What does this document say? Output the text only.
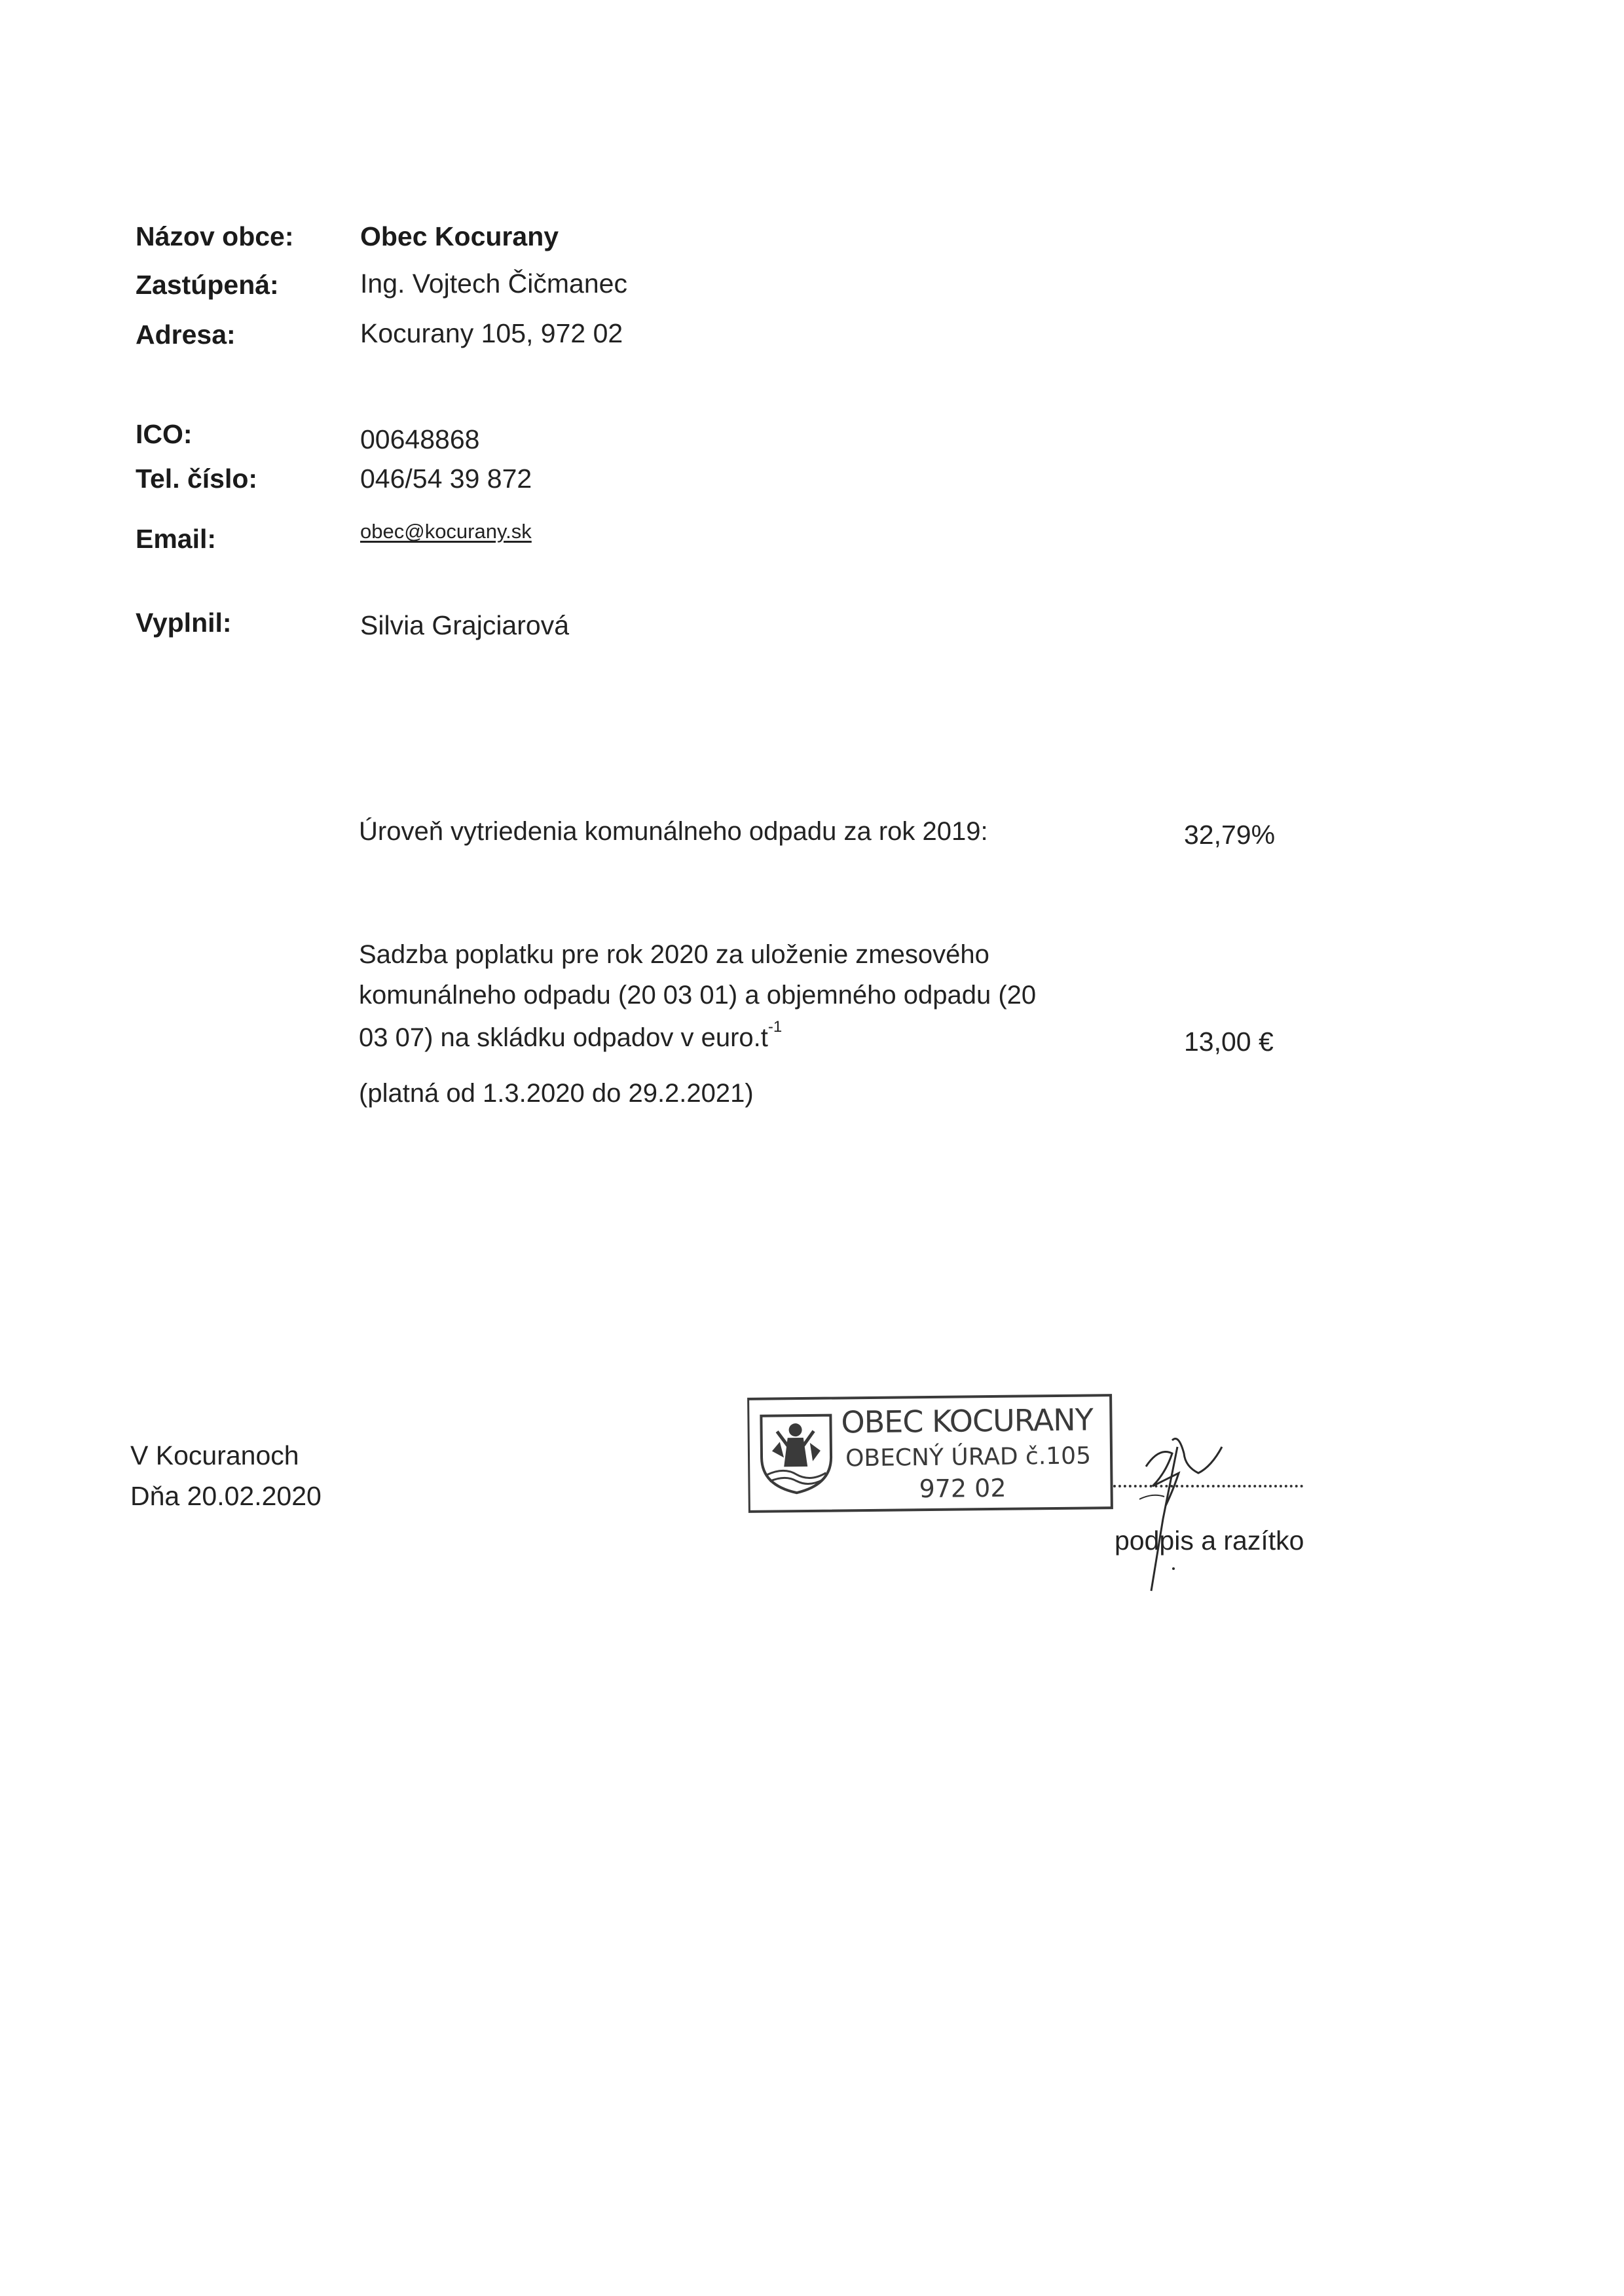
Názov obce: Obec Kocurany
Zastúpená:	Ing. Vojtech Čičmanec
Adresa:	Kocurany 105, 972 02
ICO:	00648868
Tel. číslo:	046/54 39 872
Email:	obec@kocurany.sk
Vyplnil:	Silvia Grajciarová
Úroveň vytriedenia komunálneho odpadu za rok 2019:	32,79%
Sadzba poplatku pre rok 2020 za uloženie zmesového
komunálneho odpadu (20 03 01) a objemného odpadu (20
03 07) na skládku odpadov v $euro.t^{-1}$	13,00 €
(platná od 1.3.2020 do 29.2.2021)
V Kocuranoch
Dňa 20.02.2020
OBEC KOCURANY
OBECNÝ ÚRAD č.105
972 02
podpis a razítko
